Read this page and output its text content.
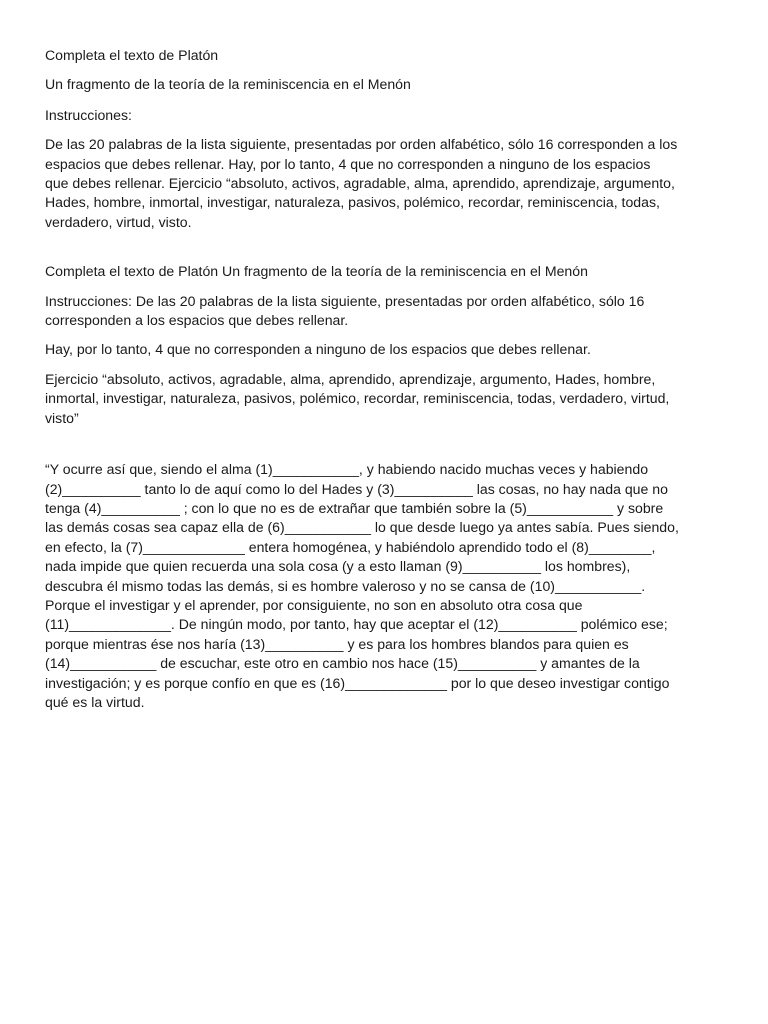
Completa el texto de Platón

Un fragmento de la teoría de la reminiscencia en el Menón

Instrucciones:

De las 20 palabras de la lista siguiente, presentadas por orden alfabético, sólo 16 corresponden a los
espacios que debes rellenar. Hay, por lo tanto, 4 que no corresponden a ninguno de los espacios
que debes rellenar. Ejercicio “absoluto, activos, agradable, alma, aprendido, aprendizaje, argumento,
Hades, hombre, inmortal, investigar, naturaleza, pasivos, polémico, recordar, reminiscencia, todas,
verdadero, virtud, visto.

Completa el texto de Platón Un fragmento de la teoría de la reminiscencia en el Menón

Instrucciones: De las 20 palabras de la lista siguiente, presentadas por orden alfabético, sólo 16
corresponden a los espacios que debes rellenar.

Hay, por lo tanto, 4 que no corresponden a ninguno de los espacios que debes rellenar.

Ejercicio “absoluto, activos, agradable, alma, aprendido, aprendizaje, argumento, Hades, hombre,
inmortal, investigar, naturaleza, pasivos, polémico, recordar, reminiscencia, todas, verdadero, virtud,
visto”

“Y ocurre así que, siendo el alma (1)___________, y habiendo nacido muchas veces y habiendo
(2)__________ tanto lo de aquí como lo del Hades y (3)__________ las cosas, no hay nada que no
tenga (4)__________ ; con lo que no es de extrañar que también sobre la (5)___________ y sobre
las demás cosas sea capaz ella de (6)___________ lo que desde luego ya antes sabía. Pues siendo,
en efecto, la (7)_____________ entera homogénea, y habiéndolo aprendido todo el (8)________,
nada impide que quien recuerda una sola cosa (y a esto llaman (9)__________ los hombres),
descubra él mismo todas las demás, si es hombre valeroso y no se cansa de (10)___________.
Porque el investigar y el aprender, por consiguiente, no son en absoluto otra cosa que
(11)_____________. De ningún modo, por tanto, hay que aceptar el (12)__________ polémico ese;
porque mientras ése nos haría (13)__________ y es para los hombres blandos para quien es
(14)___________ de escuchar, este otro en cambio nos hace (15)__________ y amantes de la
investigación; y es porque confío en que es (16)_____________ por lo que deseo investigar contigo
qué es la virtud.
